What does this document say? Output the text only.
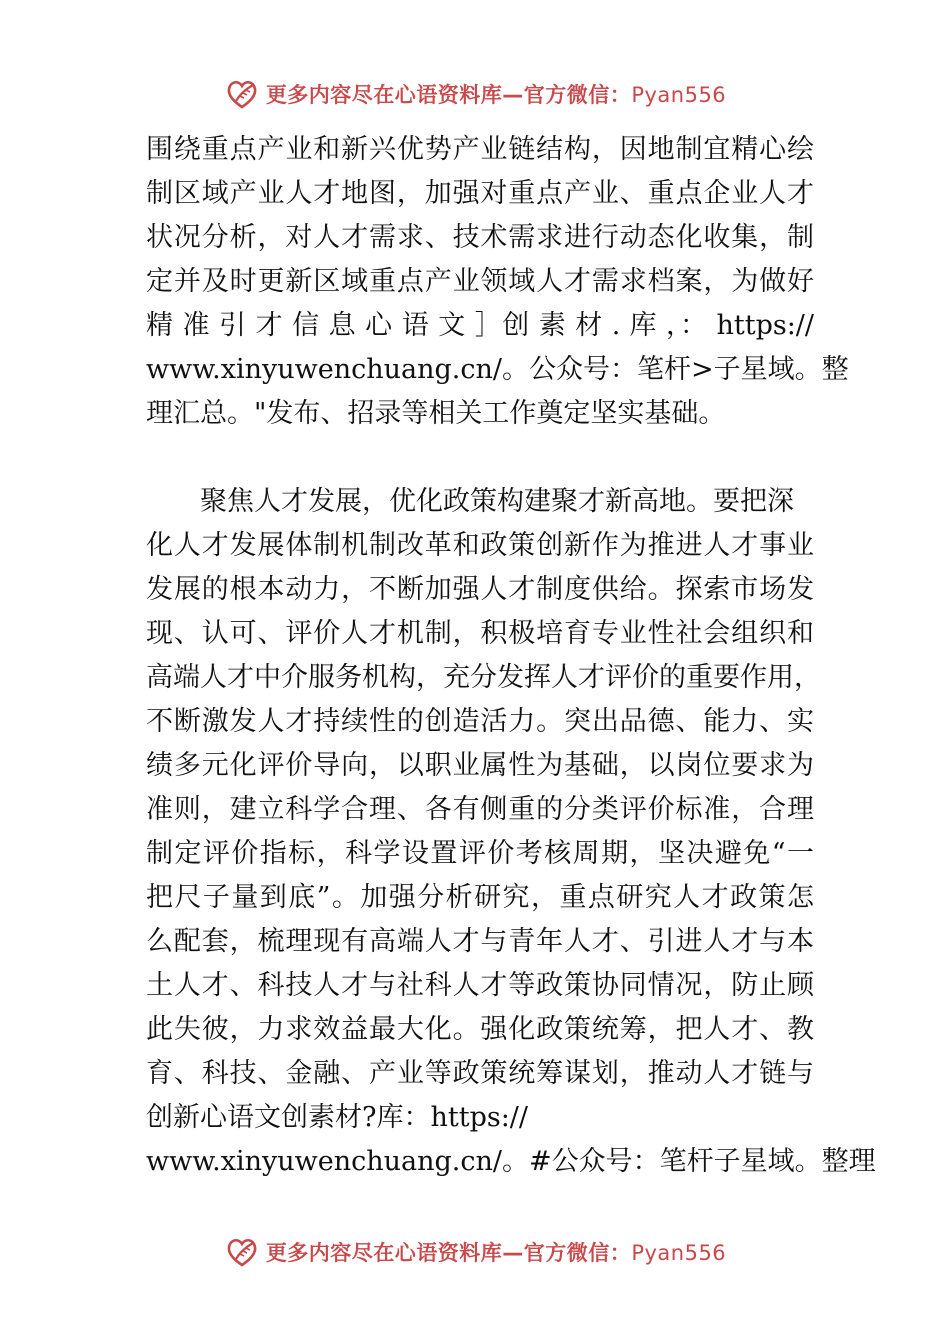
更多内容尽在心语资料库—官方微信：Pyan556
围绕重点产业和新兴优势产业链结构，因地制宜精心绘
制区域产业人才地图，加强对重点产业、重点企业人才
状况分析，对人才需求、技术需求进行动态化收集，制
定并及时更新区域重点产业领域人才需求档案，为做好
精 准 引 才 信 息 心 语 文 ］创 素 材 . 库 ，： https://
www.xinyuwenchuang.cn/。公众号：笔杆>子星域。整
理汇总。"发布、招录等相关工作奠定坚实基础。
　　聚焦人才发展，优化政策构建聚才新高地。要把深
化人才发展体制机制改革和政策创新作为推进人才事业
发展的根本动力，不断加强人才制度供给。探索市场发
现、认可、评价人才机制，积极培育专业性社会组织和
高端人才中介服务机构，充分发挥人才评价的重要作用，
不断激发人才持续性的创造活力。突出品德、能力、实
绩多元化评价导向，以职业属性为基础，以岗位要求为
准则，建立科学合理、各有侧重的分类评价标准，合理
制定评价指标，科学设置评价考核周期，坚决避免“一
把尺子量到底”。加强分析研究，重点研究人才政策怎
么配套，梳理现有高端人才与青年人才、引进人才与本
土人才、科技人才与社科人才等政策协同情况，防止顾
此失彼，力求效益最大化。强化政策统筹，把人才、教
育、科技、金融、产业等政策统筹谋划，推动人才链与
创新心语文创素材?库：https://
www.xinyuwenchuang.cn/。#公众号：笔杆子星域。整理
更多内容尽在心语资料库—官方微信：Pyan556
